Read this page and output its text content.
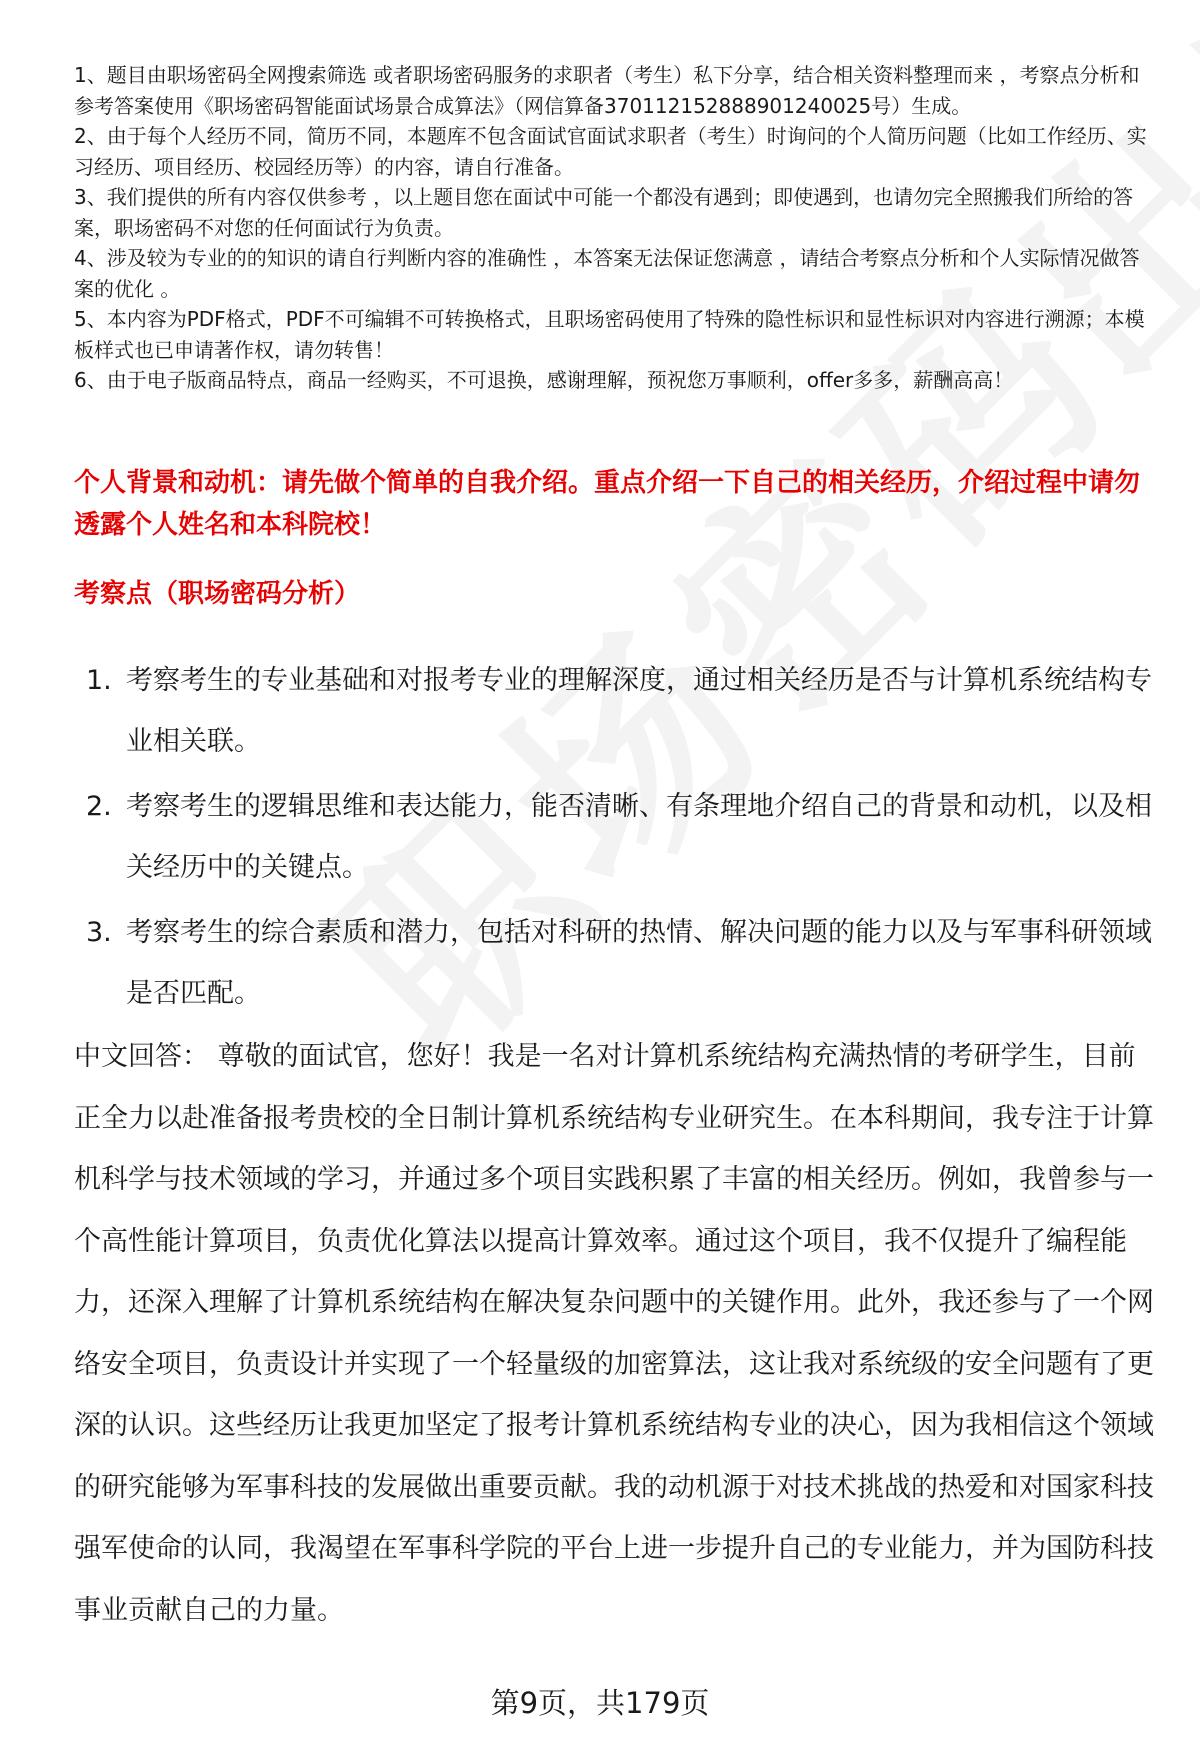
1、题目由职场密码全网搜索筛选 或者职场密码服务的求职者（考生）私下分享，结合相关资料整理而来 ，考察点分析和参考答案使用《职场密码智能面试场景合成算法》（网信算备370112152888901240025号）生成。

2、由于每个人经历不同，简历不同，本题库不包含面试官面试求职者（考生）时询问的个人简历问题（比如工作经历、实习经历、项目经历、校园经历等）的内容，请自行准备。

3、我们提供的所有内容仅供参考 ，以上题目您在面试中可能一个都没有遇到；即使遇到，也请勿完全照搬我们所给的答案，职场密码不对您的任何面试行为负责。

4、涉及较为专业的的知识的请自行判断内容的准确性 ，本答案无法保证您满意 ，请结合考察点分析和个人实际情况做答案的优化 。

5、本内容为PDF格式，PDF不可编辑不可转换格式，且职场密码使用了特殊的隐性标识和显性标识对内容进行溯源；本模板样式也已申请著作权，请勿转售！

6、由于电子版商品特点，商品一经购买，不可退换，感谢理解，预祝您万事顺利，offer多多，薪酬高高！

个人背景和动机：请先做个简单的自我介绍。重点介绍一下自己的相关经历，介绍过程中请勿透露个人姓名和本科院校！
考察点（职场密码分析）
1. 考察考生的专业基础和对报考专业的理解深度，通过相关经历是否与计算机系统结构专业相关联。
2. 考察考生的逻辑思维和表达能力，能否清晰、有条理地介绍自己的背景和动机，以及相关经历中的关键点。
3. 考察考生的综合素质和潜力，包括对科研的热情、解决问题的能力以及与军事科研领域是否匹配。

中文回答： 尊敬的面试官，您好！我是一名对计算机系统结构充满热情的考研学生，目前正全力以赴准备报考贵校的全日制计算机系统结构专业研究生。在本科期间，我专注于计算机科学与技术领域的学习，并通过多个项目实践积累了丰富的相关经历。例如，我曾参与一个高性能计算项目，负责优化算法以提高计算效率。通过这个项目，我不仅提升了编程能力，还深入理解了计算机系统结构在解决复杂问题中的关键作用。此外，我还参与了一个网络安全项目，负责设计并实现了一个轻量级的加密算法，这让我对系统级的安全问题有了更深的认识。这些经历让我更加坚定了报考计算机系统结构专业的决心，因为我相信这个领域的研究能够为军事科技的发展做出重要贡献。我的动机源于对技术挑战的热爱和对国家科技强军使命的认同，我渴望在军事科学院的平台上进一步提升自己的专业能力，并为国防科技事业贡献自己的力量。

第9页，共179页
